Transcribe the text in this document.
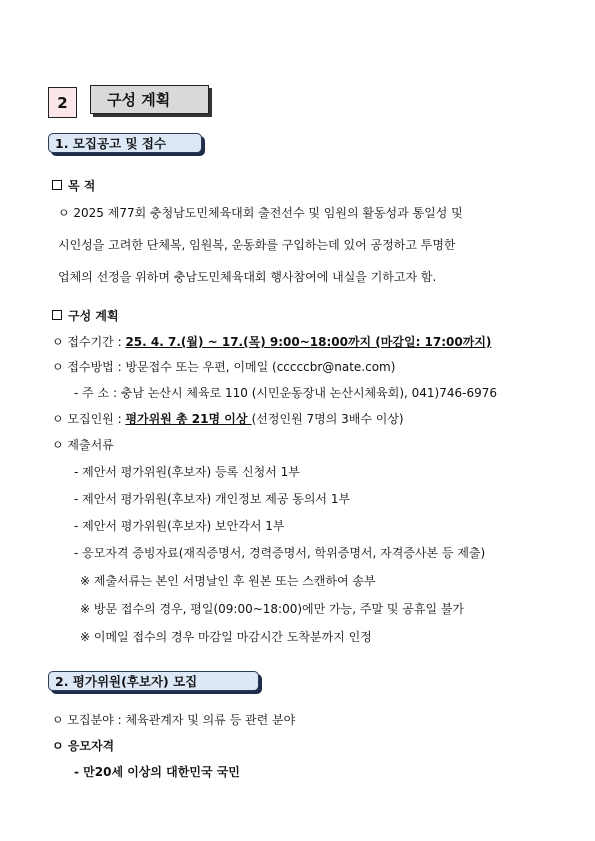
2	구성 계획
1. 모집공고 및 접수
목 적
ㅇ 2025 제77회 충청남도민체육대회 출전선수 및 임원의 활동성과 통일성 및
시인성을 고려한 단체복, 임원복, 운동화를 구입하는데 있어 공정하고 투명한
업체의 선정을 위하며 충남도민체육대회 행사참여에 내실을 기하고자 함.
구성 계획
ㅇ 접수기간 : 25. 4. 7.(월) ~ 17.(목) 9:00~18:00까지 (마감일: 17:00까지)
ㅇ 접수방법 : 방문접수 또는 우편, 이메일 (cccccbr@nate.com)
- 주 소 : 충남 논산시 체육로 110 (시민운동장내 논산시체육회), 041)746-6976
ㅇ 모집인원 : 평가위원 총 21명 이상 (선정인원 7명의 3배수 이상)
ㅇ 제출서류
- 제안서 평가위원(후보자) 등록 신청서 1부
- 제안서 평가위원(후보자) 개인정보 제공 동의서 1부
- 제안서 평가위원(후보자) 보안각서 1부
- 응모자격 증빙자료(재직증명서, 경력증명서, 학위증명서, 자격증사본 등 제출)
※ 제출서류는 본인 서명날인 후 원본 또는 스캔하여 송부
※ 방문 접수의 경우, 평일(09:00~18:00)에만 가능, 주말 및 공휴일 불가
※ 이메일 접수의 경우 마감일 마감시간 도착분까지 인정
2. 평가위원(후보자) 모집
ㅇ 모집분야 : 체육관계자 및 의류 등 관련 분야
ㅇ 응모자격
- 만20세 이상의 대한민국 국민
